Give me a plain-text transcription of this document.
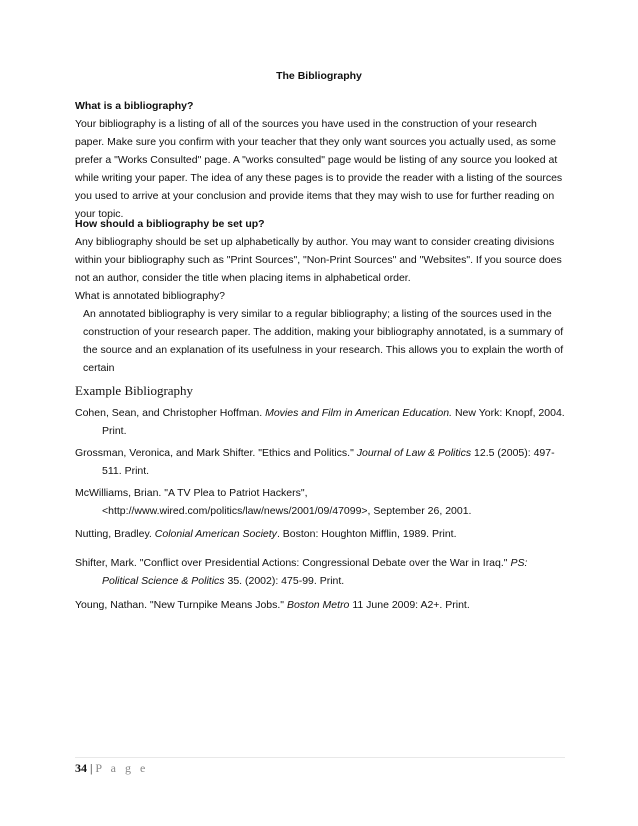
The Bibliography

What is a bibliography?

Your bibliography is a listing of all of the sources you have used in the construction of your research paper. Make sure you confirm with your teacher that they only want sources you actually used, as some prefer a "Works Consulted" page. A "works consulted" page would be listing of any source you looked at while writing your paper. The idea of any these pages is to provide the reader with a listing of the sources you used to arrive at your conclusion and provide items that they may wish to use for further reading on your topic.

How should a bibliography be set up?

Any bibliography should be set up alphabetically by author. You may want to consider creating divisions within your bibliography such as "Print Sources", "Non-Print Sources" and "Websites". If you source does not an author, consider the title when placing items in alphabetical order.

What is annotated bibliography?

An annotated bibliography is very similar to a regular bibliography; a listing of the sources used in the construction of your research paper. The addition, making your bibliography annotated, is a summary of the source and an explanation of its usefulness in your research. This allows you to explain the worth of certain

Example Bibliography

Cohen, Sean, and Christopher Hoffman. Movies and Film in American Education. New York: Knopf, 2004. Print.

Grossman, Veronica, and Mark Shifter. "Ethics and Politics." Journal of Law & Politics 12.5 (2005): 497-511. Print.

McWilliams, Brian. "A TV Plea to Patriot Hackers", <http://www.wired.com/politics/law/news/2001/09/47099>, September 26, 2001.

Nutting, Bradley. Colonial American Society. Boston: Houghton Mifflin, 1989. Print.

Shifter, Mark. "Conflict over Presidential Actions: Congressional Debate over the War in Iraq." PS: Political Science & Politics 35. (2002): 475-99. Print.

Young, Nathan. "New Turnpike Means Jobs." Boston Metro 11 June 2009: A2+. Print.

34 | P a g e
